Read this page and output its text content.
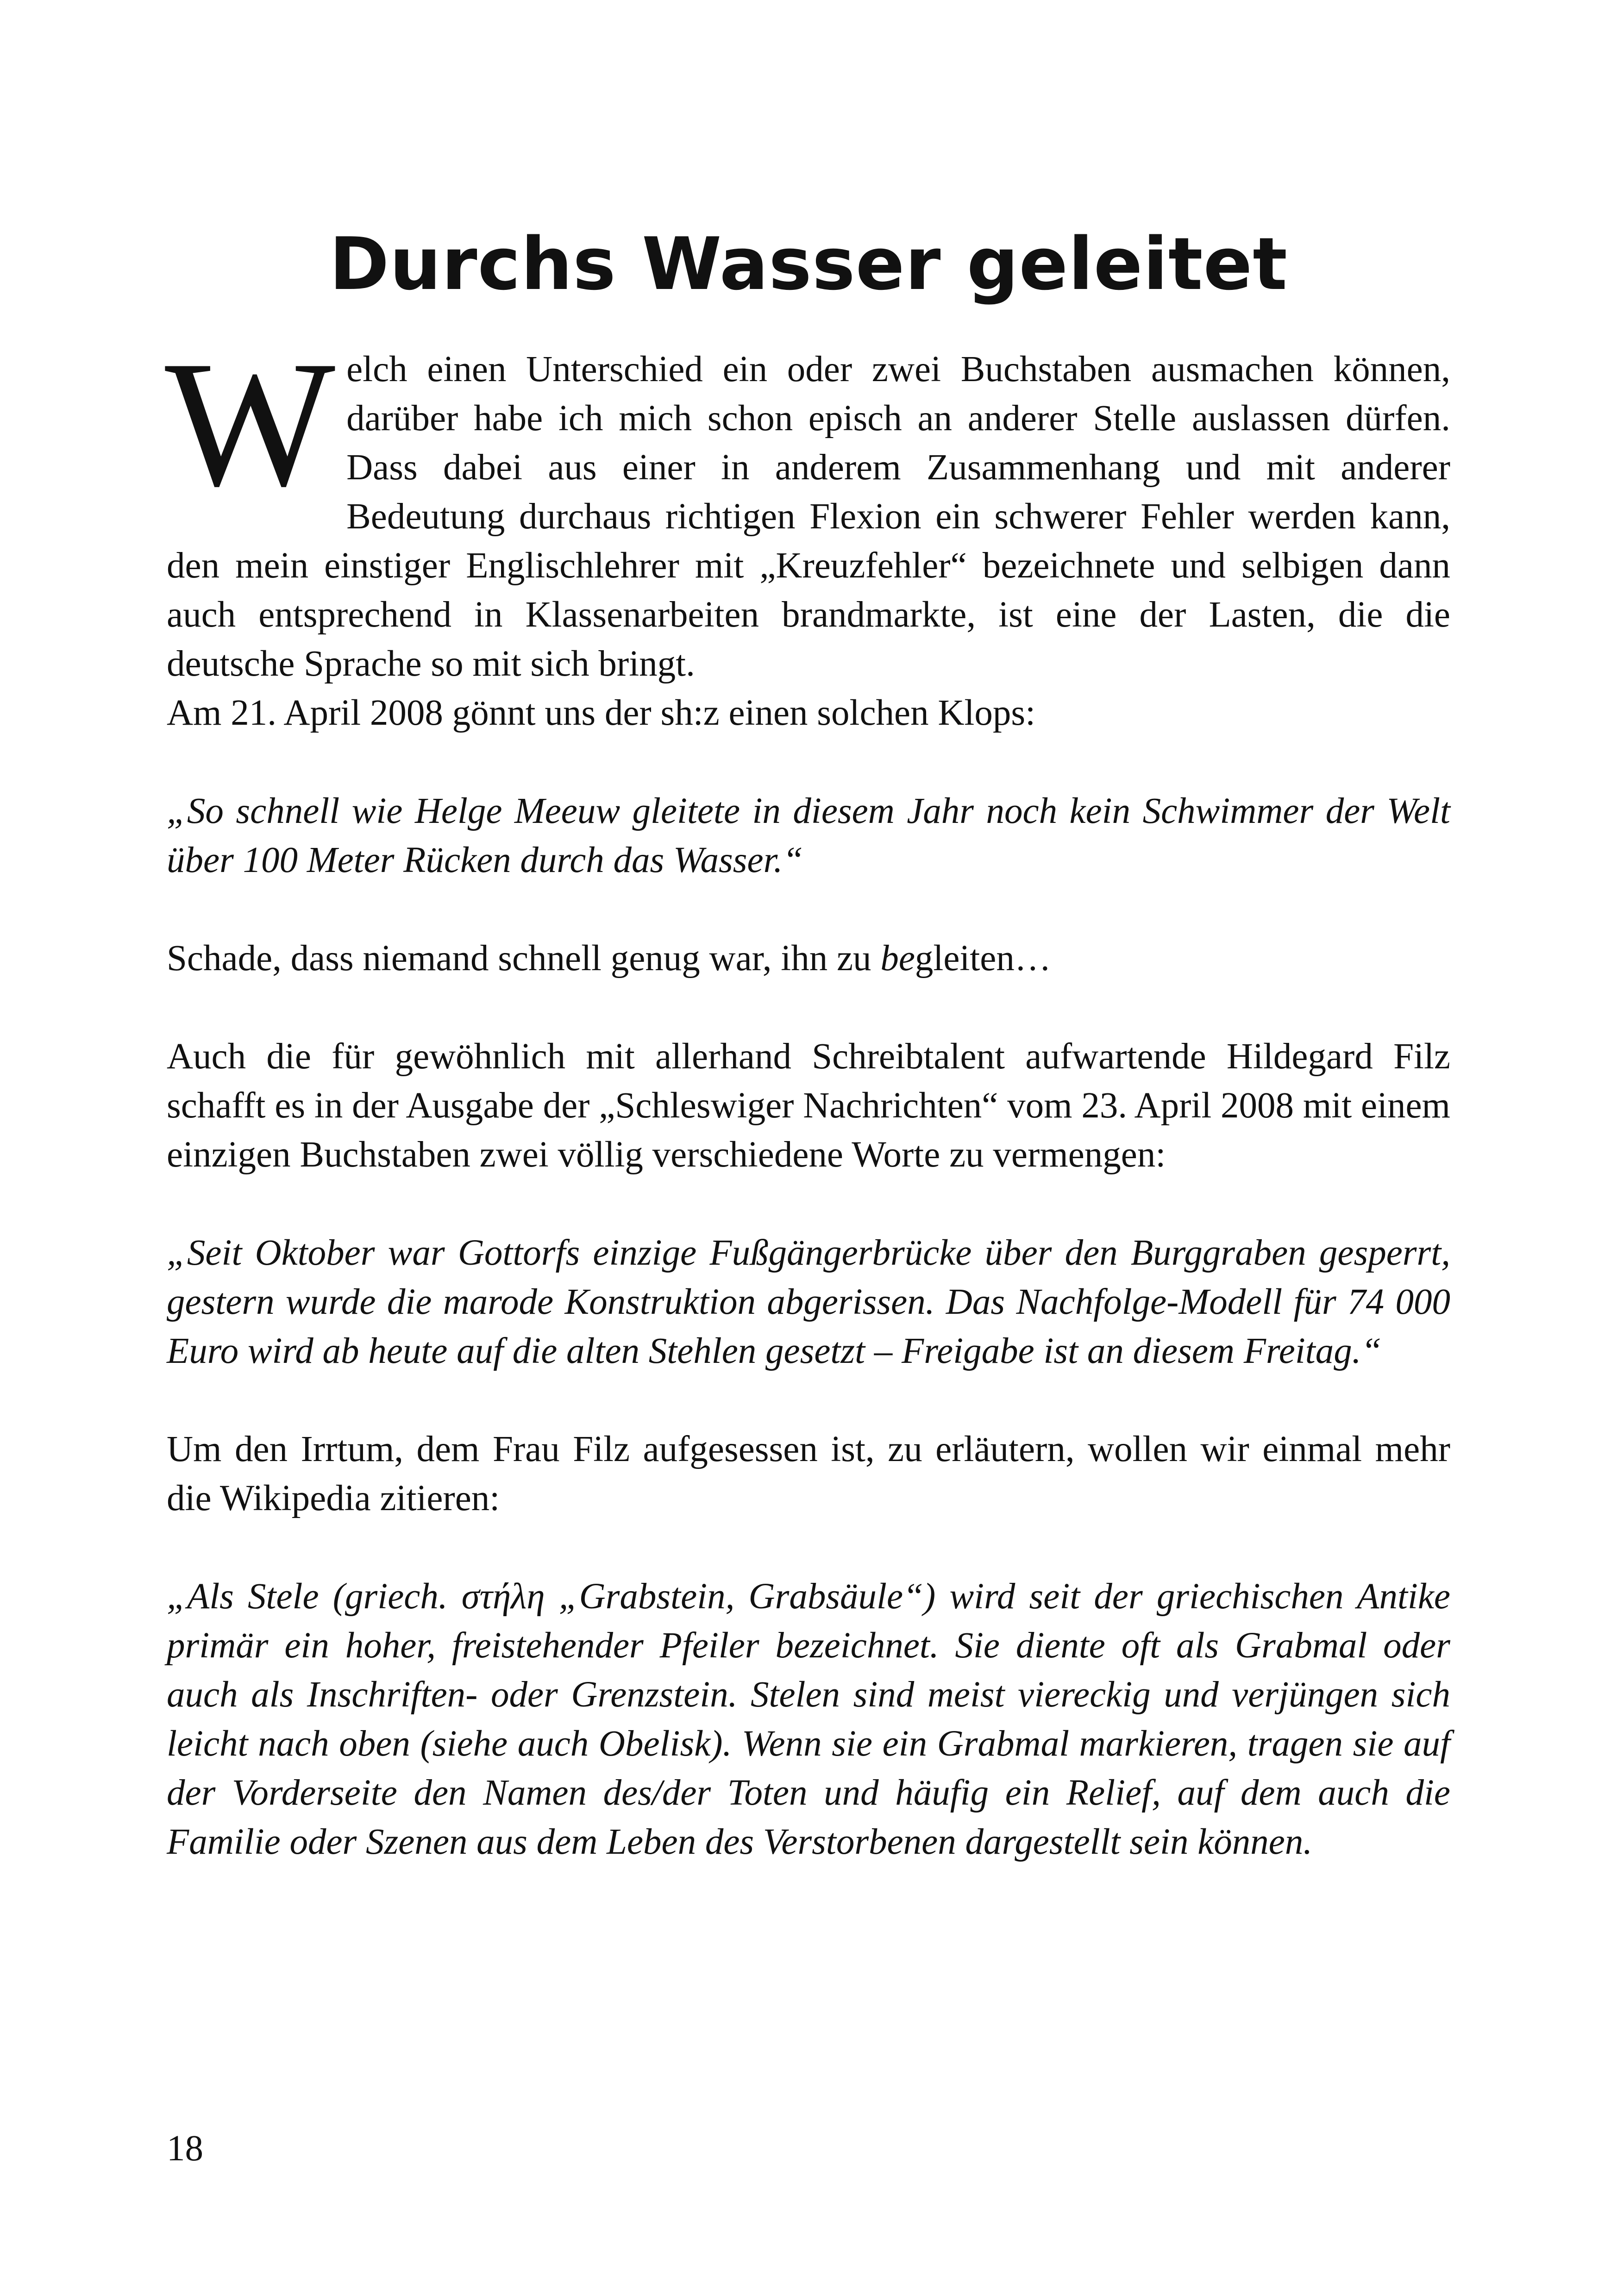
Durchs Wasser geleitet

Welch einen Unterschied ein oder zwei Buchstaben ausmachen können, darüber habe ich mich schon episch an anderer Stelle auslassen dürfen. Dass dabei aus einer in anderem Zusammenhang und mit anderer Bedeutung durchaus richtigen Flexion ein schwerer Fehler werden kann, den mein einstiger Englischlehrer mit „Kreuzfehler“ bezeichnete und selbigen dann auch entsprechend in Klassenarbeiten brandmarkte, ist eine der Lasten, die die deutsche Sprache so mit sich bringt.

Am 21. April 2008 gönnt uns der sh:z einen solchen Klops:

„So schnell wie Helge Meeuw gleitete in diesem Jahr noch kein Schwimmer der Welt über 100 Meter Rücken durch das Wasser.“

Schade, dass niemand schnell genug war, ihn zu begleiten…

Auch die für gewöhnlich mit allerhand Schreibtalent aufwartende Hildegard Filz schafft es in der Ausgabe der „Schleswiger Nachrichten“ vom 23. April 2008 mit einem einzigen Buchstaben zwei völlig verschiedene Worte zu vermengen:

„Seit Oktober war Gottorfs einzige Fußgängerbrücke über den Burggraben gesperrt, gestern wurde die marode Konstruktion abgerissen. Das Nachfolge-Modell für 74 000 Euro wird ab heute auf die alten Stehlen gesetzt – Freigabe ist an diesem Freitag.“

Um den Irrtum, dem Frau Filz aufgesessen ist, zu erläutern, wollen wir einmal mehr die Wikipedia zitieren:

„Als Stele (griech. στήλη „Grabstein, Grabsäule“) wird seit der griechischen Antike primär ein hoher, freistehender Pfeiler bezeichnet. Sie diente oft als Grabmal oder auch als Inschriften- oder Grenzstein. Stelen sind meist viereckig und verjüngen sich leicht nach oben (siehe auch Obelisk). Wenn sie ein Grabmal markieren, tragen sie auf der Vorderseite den Namen des/der Toten und häufig ein Relief, auf dem auch die Familie oder Szenen aus dem Leben des Verstorbenen dargestellt sein können.

18
